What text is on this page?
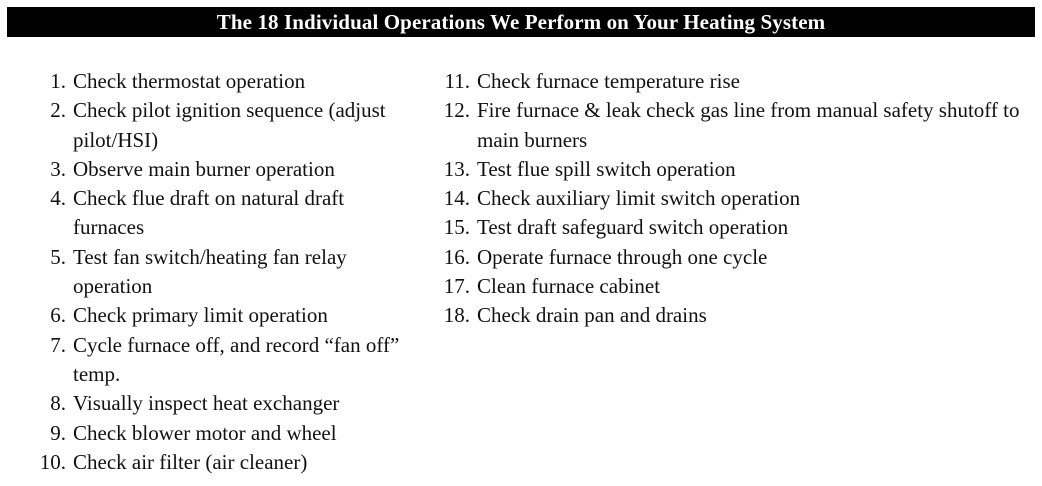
The 18 Individual Operations We Perform on Your Heating System
1. Check thermostat operation
2. Check pilot ignition sequence (adjust pilot/HSI)
3. Observe main burner operation
4. Check flue draft on natural draft furnaces
5. Test fan switch/heating fan relay operation
6. Check primary limit operation
7. Cycle furnace off, and record “fan off” temp.
8. Visually inspect heat exchanger
9. Check blower motor and wheel
10. Check air filter (air cleaner)
11. Check furnace temperature rise
12. Fire furnace & leak check gas line from manual safety shutoff to main burners
13. Test flue spill switch operation
14. Check auxiliary limit switch operation
15. Test draft safeguard switch operation
16. Operate furnace through one cycle
17. Clean furnace cabinet
18. Check drain pan and drains
